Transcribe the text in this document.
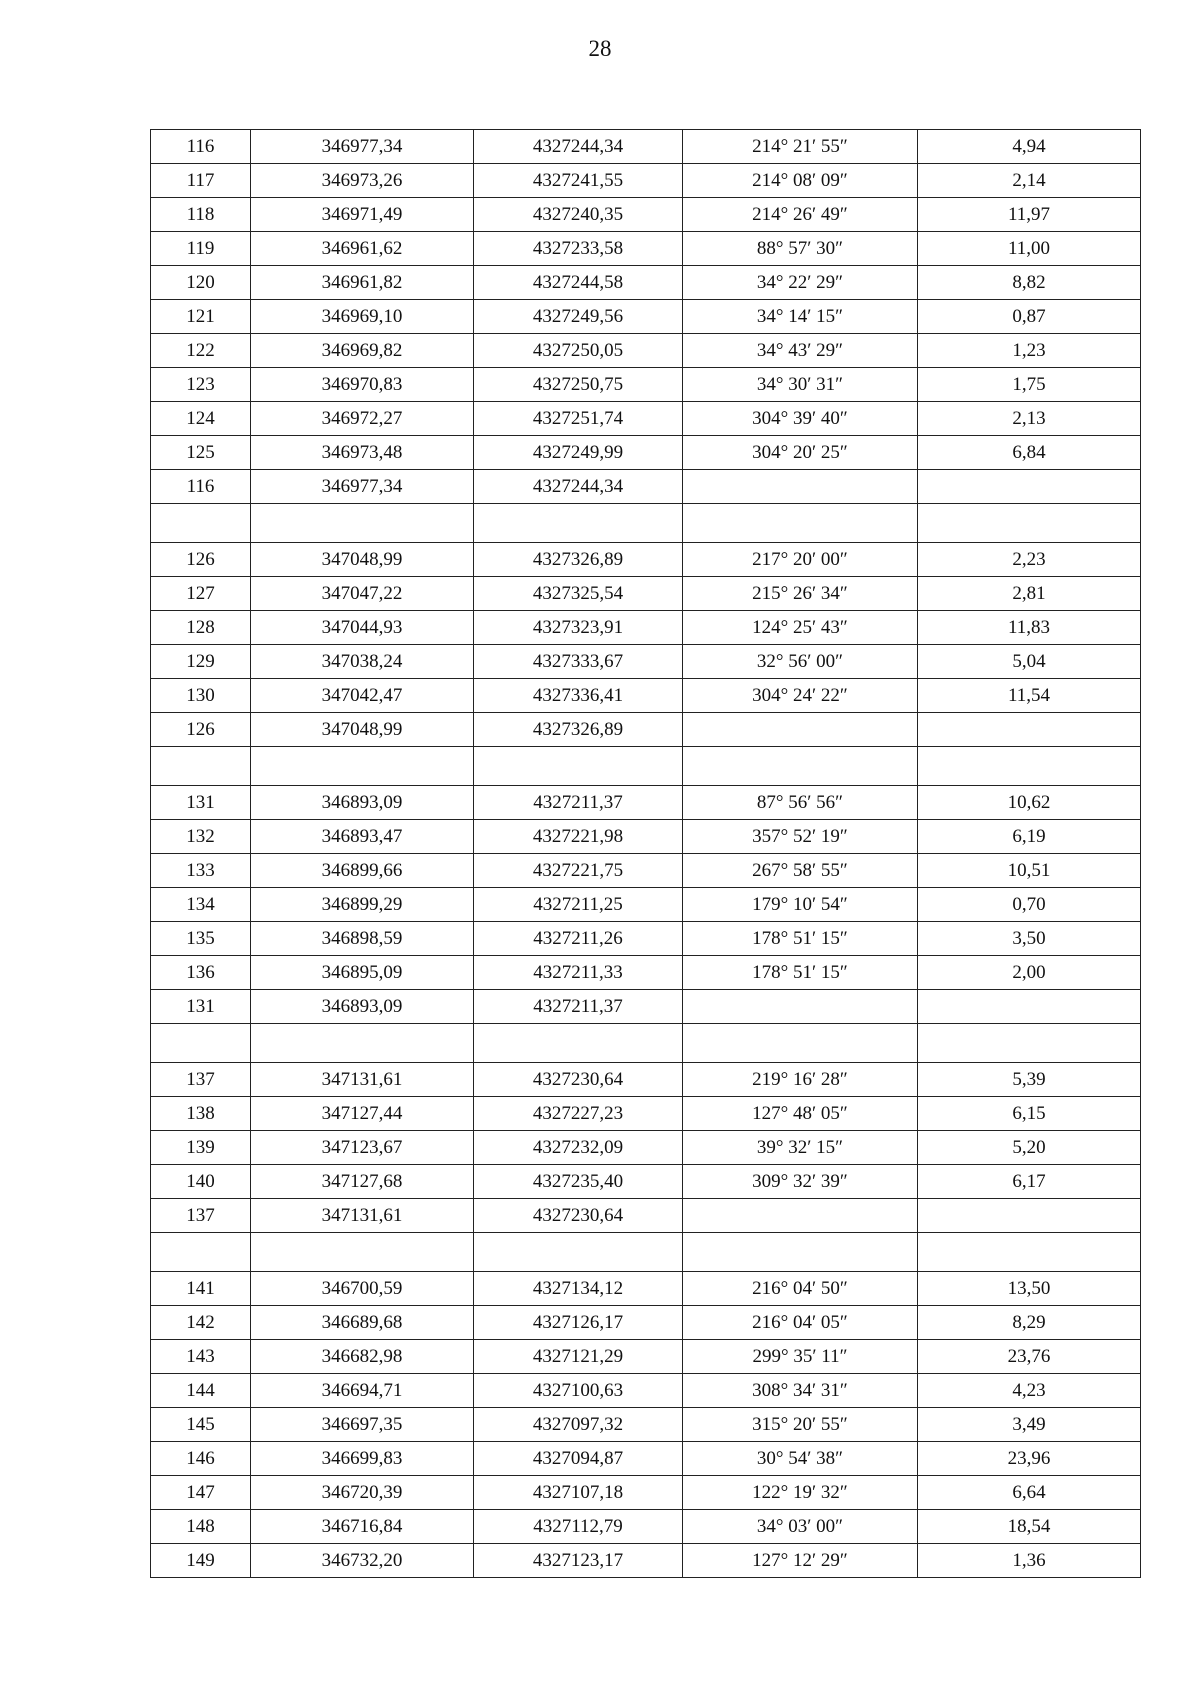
28
116	346977,34	4327244,34	214° 21′ 55″	4,94
117	346973,26	4327241,55	214° 08′ 09″	2,14
118	346971,49	4327240,35	214° 26′ 49″	11,97
119	346961,62	4327233,58	88° 57′ 30″	11,00
120	346961,82	4327244,58	34° 22′ 29″	8,82
121	346969,10	4327249,56	34° 14′ 15″	0,87
122	346969,82	4327250,05	34° 43′ 29″	1,23
123	346970,83	4327250,75	34° 30′ 31″	1,75
124	346972,27	4327251,74	304° 39′ 40″	2,13
125	346973,48	4327249,99	304° 20′ 25″	6,84
116	346977,34	4327244,34		

126	347048,99	4327326,89	217° 20′ 00″	2,23
127	347047,22	4327325,54	215° 26′ 34″	2,81
128	347044,93	4327323,91	124° 25′ 43″	11,83
129	347038,24	4327333,67	32° 56′ 00″	5,04
130	347042,47	4327336,41	304° 24′ 22″	11,54
126	347048,99	4327326,89		

131	346893,09	4327211,37	87° 56′ 56″	10,62
132	346893,47	4327221,98	357° 52′ 19″	6,19
133	346899,66	4327221,75	267° 58′ 55″	10,51
134	346899,29	4327211,25	179° 10′ 54″	0,70
135	346898,59	4327211,26	178° 51′ 15″	3,50
136	346895,09	4327211,33	178° 51′ 15″	2,00
131	346893,09	4327211,37		

137	347131,61	4327230,64	219° 16′ 28″	5,39
138	347127,44	4327227,23	127° 48′ 05″	6,15
139	347123,67	4327232,09	39° 32′ 15″	5,20
140	347127,68	4327235,40	309° 32′ 39″	6,17
137	347131,61	4327230,64		

141	346700,59	4327134,12	216° 04′ 50″	13,50
142	346689,68	4327126,17	216° 04′ 05″	8,29
143	346682,98	4327121,29	299° 35′ 11″	23,76
144	346694,71	4327100,63	308° 34′ 31″	4,23
145	346697,35	4327097,32	315° 20′ 55″	3,49
146	346699,83	4327094,87	30° 54′ 38″	23,96
147	346720,39	4327107,18	122° 19′ 32″	6,64
148	346716,84	4327112,79	34° 03′ 00″	18,54
149	346732,20	4327123,17	127° 12′ 29″	1,36
